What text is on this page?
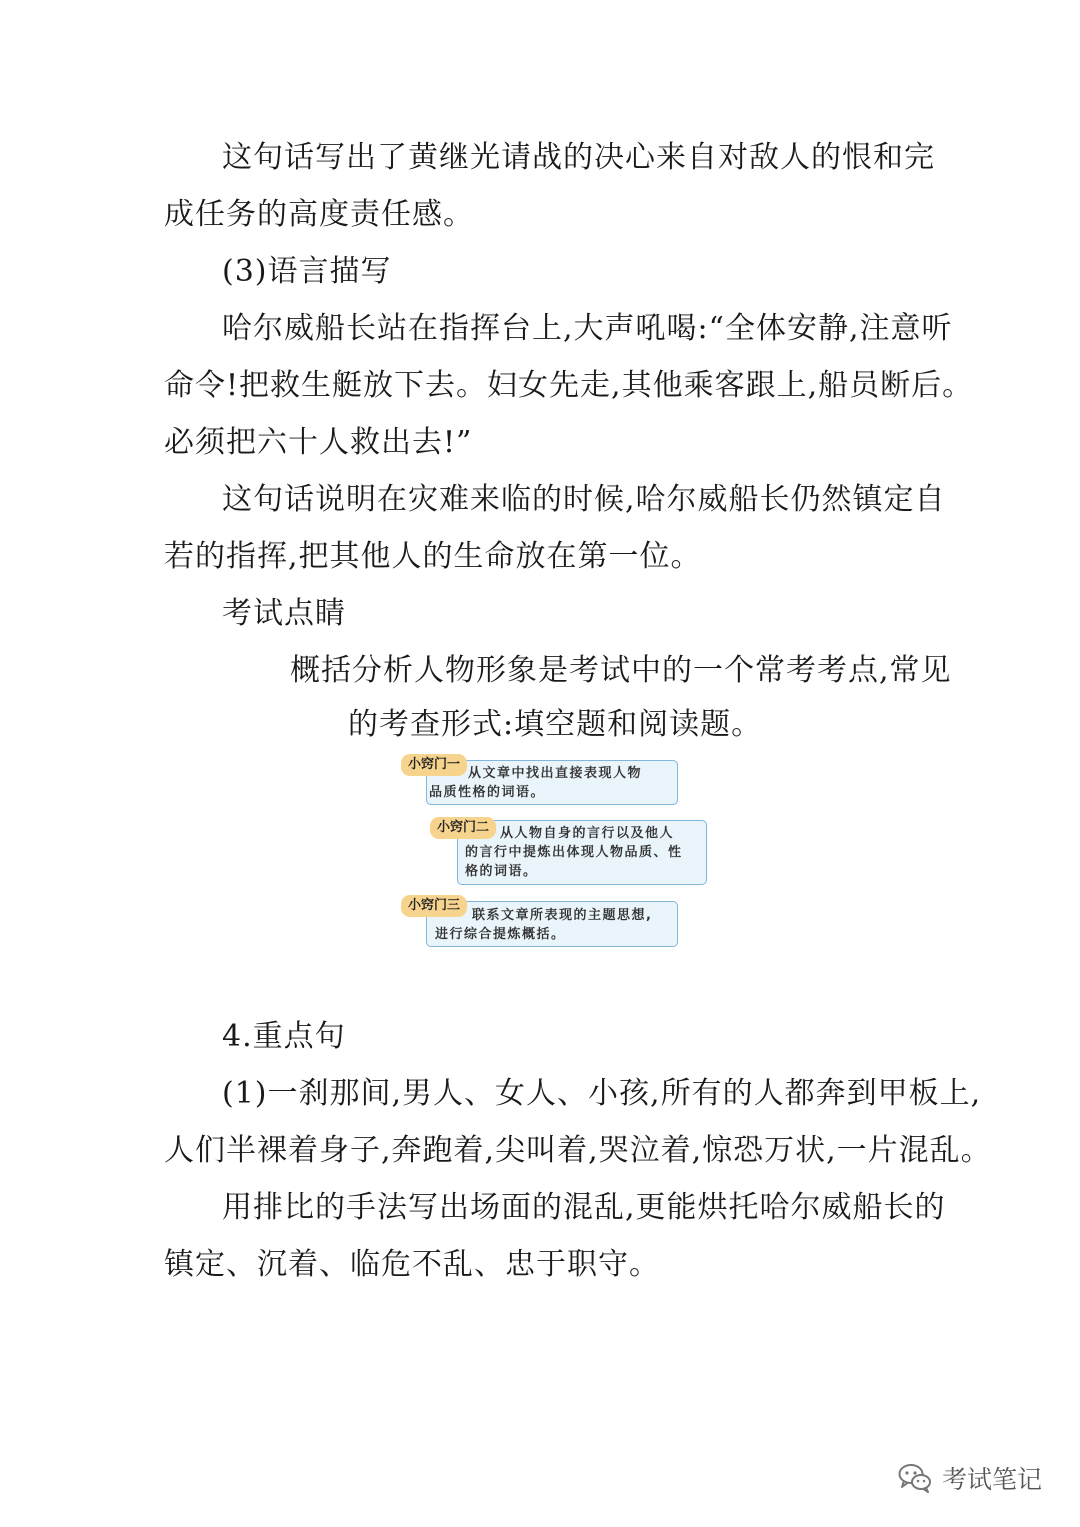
这句话写出了黄继光请战的决心来自对敌人的恨和完
成任务的高度责任感。
(3)语言描写
哈尔威船长站在指挥台上,大声吼喝:“全体安静,注意听
命令!把救生艇放下去。妇女先走,其他乘客跟上,船员断后。
必须把六十人救出去!”
这句话说明在灾难来临的时候,哈尔威船长仍然镇定自
若的指挥,把其他人的生命放在第一位。
考试点睛
概括分析人物形象是考试中的一个常考考点,常见
的考查形式:填空题和阅读题。
从文章中找出直接表现人物
品质性格的词语。
小窍门一
从人物自身的言行以及他人
的言行中提炼出体现人物品质、性
格的词语。
小窍门二
联系文章所表现的主题思想,
进行综合提炼概括。
小窍门三
4.重点句
(1)一刹那间,男人、女人、小孩,所有的人都奔到甲板上,
人们半裸着身子,奔跑着,尖叫着,哭泣着,惊恐万状,一片混乱。
用排比的手法写出场面的混乱,更能烘托哈尔威船长的
镇定、沉着、临危不乱、忠于职守。
考试笔记
